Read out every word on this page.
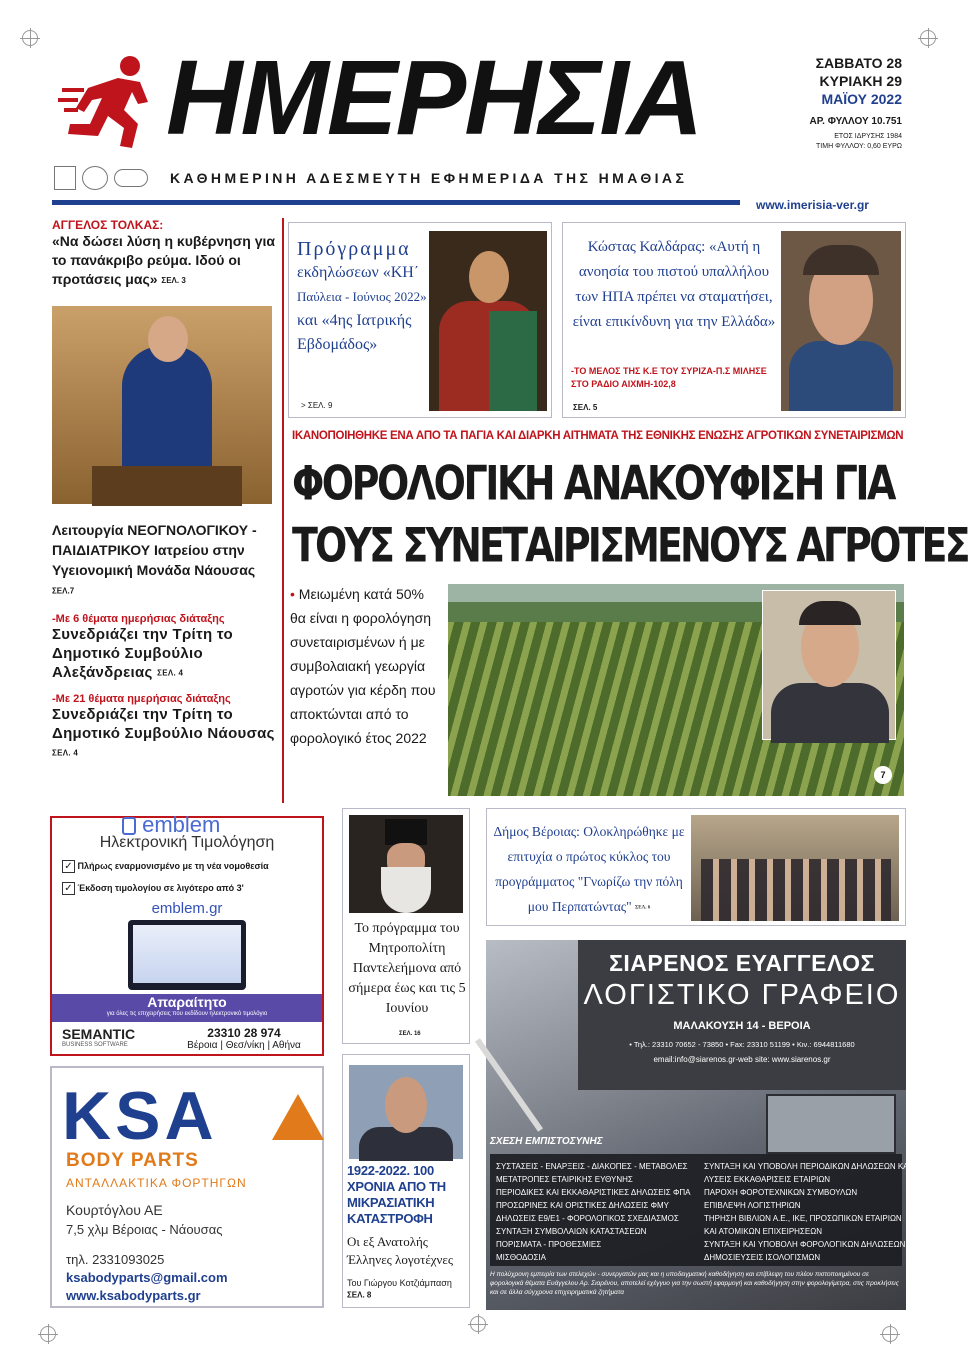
ΗΜΕΡΗΣΙΑ
ΚΑΘΗΜΕΡΙΝΗ ΑΔΕΣΜΕΥΤΗ ΕΦΗΜΕΡΙΔΑ ΤΗΣ ΗΜΑΘΙΑΣ
ΣΑΒΒΑΤΟ 28
ΚΥΡΙΑΚΗ 29
ΜΑΪΟΥ 2022
ΑΡ. ΦΥΛΛΟΥ 10.751
ΕΤΟΣ ΙΔΡΥΣΗΣ 1984
ΤΙΜΗ ΦΥΛΛΟΥ: 0,60 ΕΥΡΩ
www.imerisia-ver.gr
ΑΓΓΕΛΟΣ ΤΟΛΚΑΣ:
«Να δώσει λύση η κυβέρνηση για το πανάκριβο ρεύμα. Ιδού οι προτάσεις μας» ΣΕΛ. 3
Λειτουργία ΝΕΟΓΝΟΛΟΓΙΚΟΥ - ΠΑΙΔΙΑΤΡΙΚΟΥ Ιατρείου στην Υγειονομική Μονάδα Νάουσας ΣΕΛ.7
-Με 6 θέματα ημερήσιας διάταξης
Συνεδριάζει την Τρίτη το Δημοτικό Συμβούλιο Αλεξάνδρειας ΣΕΛ. 4
-Με 21 θέματα ημερήσιας διάταξης
Συνεδριάζει την Τρίτη το Δημοτικό Συμβούλιο Νάουσας ΣΕΛ. 4
Πρόγραμμα
εκδηλώσεων «ΚΗ΄
Παύλεια - Ιούνιος 2022»
και «4ης Ιατρικής
Εβδομάδος»
> ΣΕΛ. 9
Κώστας Καλδάρας: «Αυτή η ανοησία του πιστού υπαλλήλου των ΗΠΑ πρέπει να σταματήσει, είναι επικίνδυνη για την Ελλάδα»
-ΤΟ ΜΕΛΟΣ ΤΗΣ Κ.Ε ΤΟΥ ΣΥΡΙΖΑ-Π.Σ ΜΙΛΗΣΕ ΣΤΟ ΡΑΔΙΟ ΑΙΧΜΗ-102,8
ΣΕΛ. 5
ΙΚΑΝΟΠΟΙΗΘΗΚΕ ΕΝΑ ΑΠΟ ΤΑ ΠΑΓΙΑ ΚΑΙ ΔΙΑΡΚΗ ΑΙΤΗΜΑΤΑ ΤΗΣ ΕΘΝΙΚΗΣ ΕΝΩΣΗΣ ΑΓΡΟΤΙΚΩΝ ΣΥΝΕΤΑΙΡΙΣΜΩΝ
ΦΟΡΟΛΟΓΙΚΗ ΑΝΑΚΟΥΦΙΣΗ ΓΙΑ
ΤΟΥΣ ΣΥΝΕΤΑΙΡΙΣΜΕΝΟΥΣ ΑΓΡΟΤΕΣ
• Μειωμένη κατά 50% θα είναι η φορολόγηση συνεταιρισμένων ή με συμβολαιακή γεωργία αγροτών για κέρδη που αποκτώνται από το φορολογικό έτος 2022
7
emblem
Ηλεκτρονική Τιμολόγηση
✓ Πλήρως εναρμονισμένο με τη νέα νομοθεσία
✓ Έκδοση τιμολογίου σε λιγότερο από 3'
emblem.gr
Απαραίτητο
για όλες τις επιχειρήσεις που εκδίδουν ηλεκτρονικό τιμολόγιο
SEMANTIC
BUSINESS SOFTWARE
23310 28 974
Βέροια | Θεσ/νίκη | Αθήνα
KSA
BODY PARTS
ΑΝΤΑΛΛΑΚΤΙΚΑ ΦΟΡΤΗΓΩΝ
Κουρτόγλου ΑΕ
7,5 χλμ Βέροιας - Νάουσας
τηλ. 2331093025
ksabodyparts@gmail.com
www.ksabodyparts.gr
Το πρόγραμμα του Μητροπολίτη Παντελεήμονα από σήμερα έως και τις 5 Ιουνίου
ΣΕΛ. 16
1922-2022. 100 ΧΡΟΝΙΑ ΑΠΟ ΤΗ ΜΙΚΡΑΣΙΑΤΙΚΗ ΚΑΤΑΣΤΡΟΦΗ
Οι εξ Ανατολής Έλληνες λογοτέχνες
Του Γιώργου Κοτζιάμπαση ΣΕΛ. 8
Δήμος Βέροιας: Ολοκληρώθηκε με επιτυχία ο πρώτος κύκλος του προγράμματος "Γνωρίζω την πόλη μου Περπατώντας" ΣΕΛ. 6
ΣΙΑΡΕΝΟΣ ΕΥΑΓΓΕΛΟΣ
ΛΟΓΙΣΤΙΚΟ ΓΡΑΦΕΙΟ
ΜΑΛΑΚΟΥΣΗ 14 - ΒΕΡΟΙΑ
• Τηλ.: 23310 70652 - 73850 • Fax: 23310 51199 • Κιν.: 6944811680
email:info@siarenos.gr-web site: www.siarenos.gr
ΣΧΕΣΗ ΕΜΠΙΣΤΟΣΥΝΗΣ
ΣΥΣΤΑΣΕΙΣ - ΕΝΑΡΞΕΙΣ - ΔΙΑΚΟΠΕΣ - ΜΕΤΑΒΟΛΕΣ
ΜΕΤΑΤΡΟΠΕΣ ΕΤΑΙΡΙΚΗΣ ΕΥΘΥΝΗΣ
ΠΕΡΙΟΔΙΚΕΣ ΚΑΙ ΕΚΚΑΘΑΡΙΣΤΙΚΕΣ ΔΗΛΩΣΕΙΣ ΦΠΑ
ΠΡΟΣΩΡΙΝΕΣ ΚΑΙ ΟΡΙΣΤΙΚΕΣ ΔΗΛΩΣΕΙΣ ΦΜΥ
ΔΗΛΩΣΕΙΣ Ε9/Ε1 - ΦΟΡΟΛΟΓΙΚΟΣ ΣΧΕΔΙΑΣΜΟΣ
ΣΥΝΤΑΞΗ ΣΥΜΒΟΛΑΙΩΝ ΚΑΤΑΣΤΑΣΕΩΝ
ΠΟΡΙΣΜΑΤΑ - ΠΡΟΘΕΣΜΙΕΣ
ΜΙΣΘΟΔΟΣΙΑ
ΣΥΝΤΑΞΗ ΚΑΙ ΥΠΟΒΟΛΗ ΠΕΡΙΟΔΙΚΩΝ ΔΗΛΩΣΕΩΝ ΚΑΙ ΗΠΑ
ΛΥΣΕΙΣ ΕΚΚΑΘΑΡΙΣΕΙΣ ΕΤΑΙΡΙΩΝ
ΠΑΡΟΧΗ ΦΟΡΟΤΕΧΝΙΚΩΝ ΣΥΜΒΟΥΛΩΝ
ΕΠΙΒΛΕΨΗ ΛΟΓΙΣΤΗΡΙΩΝ
ΤΗΡΗΣΗ ΒΙΒΛΙΩΝ Α.Ε., ΙΚΕ, ΠΡΟΣΩΠΙΚΩΝ ΕΤΑΙΡΙΩΝ
ΚΑΙ ΑΤΟΜΙΚΩΝ ΕΠΙΧΕΙΡΗΣΕΩΝ
ΣΥΝΤΑΞΗ ΚΑΙ ΥΠΟΒΟΛΗ ΦΟΡΟΛΟΓΙΚΩΝ ΔΗΛΩΣΕΩΝ
ΔΗΜΟΣΙΕΥΣΕΙΣ ΙΣΟΛΟΓΙΣΜΩΝ
Η πολύχρονη εμπειρία των στελεχών - συνεργατών μας και η υποδειγματική καθοδήγηση και επίβλεψη του πλέον πιστοποιημένου σε φορολογικά θέματα Ευάγγελου Αρ. Σιαρένου, αποτελεί εχέγγυο για την σωστή εφαρμογή και καθοδήγηση στην φορολογίμετρα, στις προκλήσεις και σε άλλα σύγχρονα επιχειρηματικά ζητήματα
